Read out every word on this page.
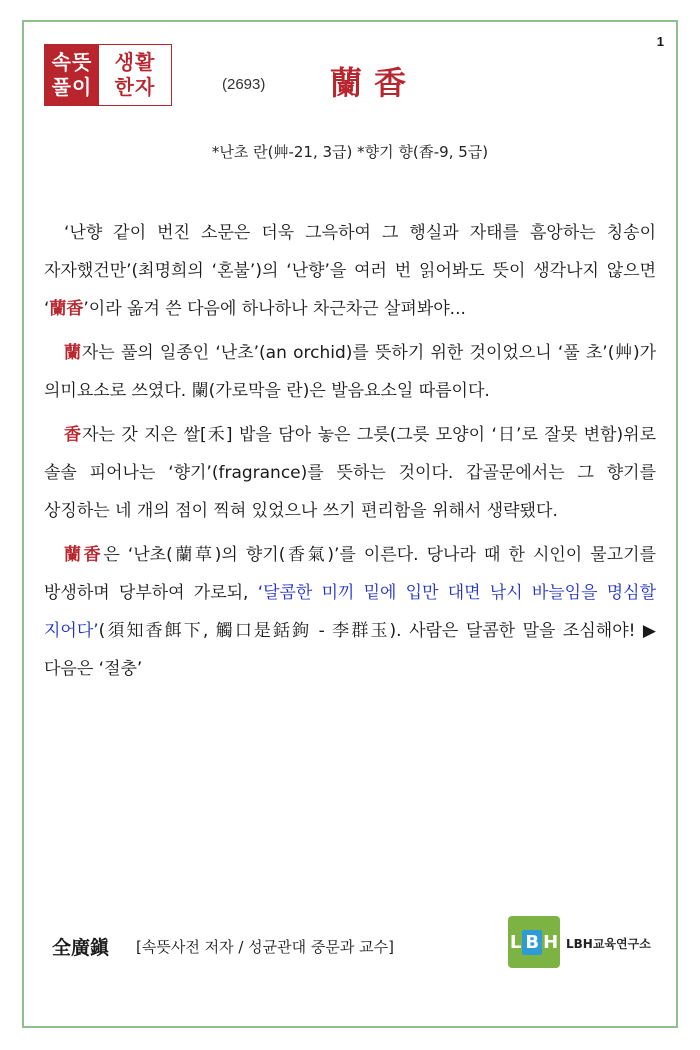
1
속뜻
풀이
생활
한자	(2693) 蘭香
*난초 란(艸-21, 3급) *향기 향(香-9, 5급)

‘난향 같이 번진 소문은 더욱 그윽하여 그 행실과 자태를 흠앙하는 칭송이 자자했건만’(최명희의 ‘혼불’)의 ‘난향’을 여러 번 읽어봐도 뜻이 생각나지 않으면 ‘蘭香’이라 옮겨 쓴 다음에 하나하나 차근차근 살펴봐야...

蘭자는 풀의 일종인 ‘난초’(an orchid)를 뜻하기 위한 것이었으니 ‘풀 초’(艸)가 의미요소로 쓰였다. 闌(가로막을 란)은 발음요소일 따름이다.

香자는 갓 지은 쌀[禾] 밥을 담아 놓은 그릇(그릇 모양이 ‘日’로 잘못 변함)위로 솔솔 피어나는 ‘향기’(fragrance)를 뜻하는 것이다. 갑골문에서는 그 향기를 상징하는 네 개의 점이 찍혀 있었으나 쓰기 편리함을 위해서 생략됐다.

蘭香은 ‘난초(蘭草)의 향기(香氣)’를 이른다. 당나라 때 한 시인이 물고기를 방생하며 당부하여 가로되, ‘달콤한 미끼 밑에 입만 대면 낚시 바늘임을 명심할 지어다’(須知香餌下, 觸口是銛鉤 - 李群玉). 사람은 달콤한 말을 조심해야! ▶ 다음은 ‘절충’

全廣鎭 [속뜻사전 저자 / 성균관대 중문과 교수]	L B H LBH교육연구소
